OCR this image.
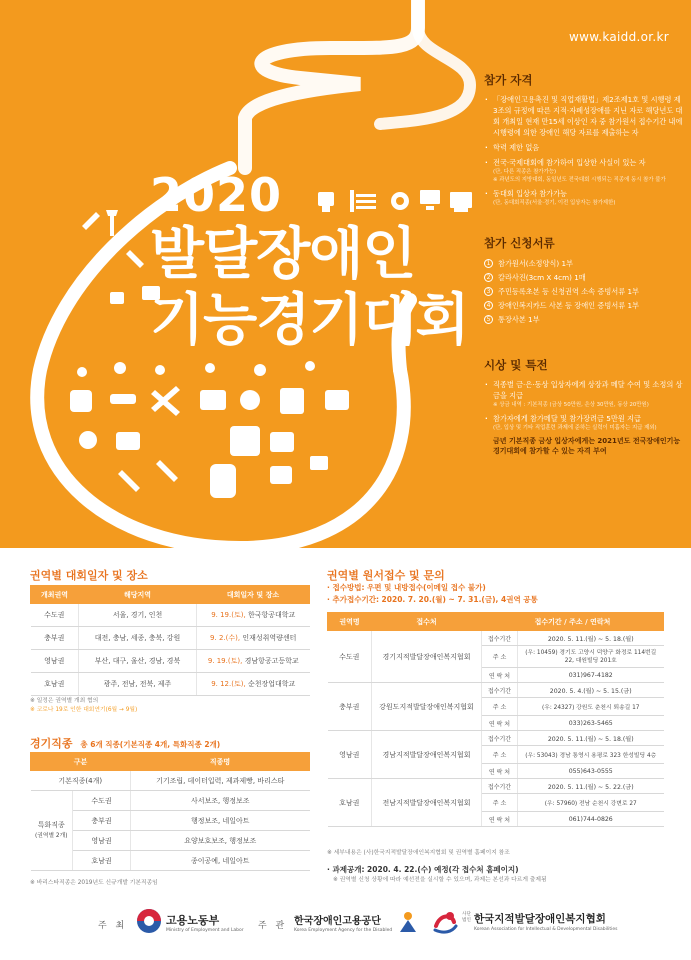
www.kaidd.or.kr
2020
발달장애인
기능경기대회
참가 자격
· 「장애인고용촉진 및 직업재활법」제2조제1호 및 시행령 제3조의 규정에 따른 지적·자폐성장애를 지닌 자로 해당년도 대회 개최일 현재 만15세 이상인 자 중 참가원서 접수기간 내에 시행령에 의한 장애인 해당 자료를 제출하는 자
· 학력 제한 없음
· 전국·국제대회에 참가하여 입상한 사실이 있는 자
(단, 다른 직종은 참가가능)
※ 과년도의 지방대회, 동일년도 전국대회 시행되는 직종에 동시 참가 불가
· 동대회 입상자 참가가능
(단, 동대회직종(서울·경기, 이전 입상자는 참가제한)
참가 신청서류
1 참가원서(소정양식) 1부
2 칼라사진(3cm X 4cm) 1매
3 주민등록초본 등 신청권역 소속 증빙서류 1부
4 장애인복지카드 사본 등 장애인 증빙서류 1부
5 통장사본 1부
시상 및 특전
· 직종별 금·은·동상 입상자에게 상장과 메달 수여 및 소정의 상금을 지급
※ 상금 내역 : 기본직종 (금상 50만원, 은상 30만원, 동상 20만원)
· 참가자에게 참가메달 및 참가장려금 5만원 지급
(단, 입상 및 기타 직업훈련 과제에 준하는 실력이 미흡자는 지급 제외)
금년 기본직종 금상 입상자에게는 2021년도 전국장애인기능경기대회에 참가할 수 있는 자격 부여
권역별 대회일자 및 장소
개최권역	해당지역	대회일자 및 장소
수도권	서울, 경기, 인천	9. 19.(토), 한국항공대학교
충부권	대전, 충남, 세종, 충북, 강원	9. 2.(수), 인재성취역량센터
영남권	부산, 대구, 울산, 경남, 경북	9. 19.(토), 경남항공고등학교
호남권	광주, 전남, 전북, 제주	9. 12.(토), 순천장업대학교
※ 일정은 권역별 개최 협의
※ 코로나 19로 인한 대회연기(6월 → 9월)
경기직종 총 6개 직종(기본직종 4개, 특화직종 2개)
구분		직종명
기본직종(4개)		기기조립, 데이터입력, 제과제빵, 바리스타
특화직종
(권역별 2개)	수도권	사서보조, 행정보조
	충부권	행정보조, 네일아트
	영남권	요양보호보조, 행정보조
	호남권	종이공예, 네일아트
※ 바리스타직종은 2019년도 신규개발 기본직종임
권역별 원서접수 및 문의
· 접수방법: 우편 및 내방접수(이메일 접수 불가)
· 추가접수기간: 2020. 7. 20.(월) ~ 7. 31.(금), 4권역 공통
권역명	접수처	접수기간 / 주소 / 연락처	
수도권	경기지적발달장애인복지협회	접수기간	2020. 5. 11.(월) ~ 5. 18.(월)
		주 소	(우: 10459) 경기도 고양시 덕양구 화정로 114번길 22, 대원빌딩 201호
		연 락 처	031)967-4182
충부권	강원도지적발달장애인복지협회	접수기간	2020. 5. 4.(월) ~ 5. 15.(금)
		주 소	(우: 24327) 강원도 춘천시 퇴송길 17
		연 락 처	033)263-5465
영남권	경남지적발달장애인복지협회	접수기간	2020. 5. 11.(월) ~ 5. 18.(월)
		주 소	(우: 53043) 경남 통영시 용평로 323 한성빌딩 4층
		연 락 처	055)643-0555
호남권	전남지적발달장애인복지협회	접수기간	2020. 5. 11.(월) ~ 5. 22.(금)
		주 소	(우: 57960) 전남 순천시 강변로 27
		연 락 처	061)744-0826
※ 세부내용은 (사)한국지적발달장애인복지협회 및 권역별 홈페이지 참조
· 과제공개: 2020. 4. 22.(수) 예정(각 접수처 홈페이지)
※ 권역별 신청 상황에 따라 예선전을 실시할 수 있으며, 과제는 본선과 다르게 출제됨
주 최	고용노동부
Ministry of Employment and Labor 주 관 한국장애인고용공단
Korea Employment Agency for the Disabled
사단법인 한국지적발달장애인복지협회
Korean Association for Intellectual & Developmental Disabilities
